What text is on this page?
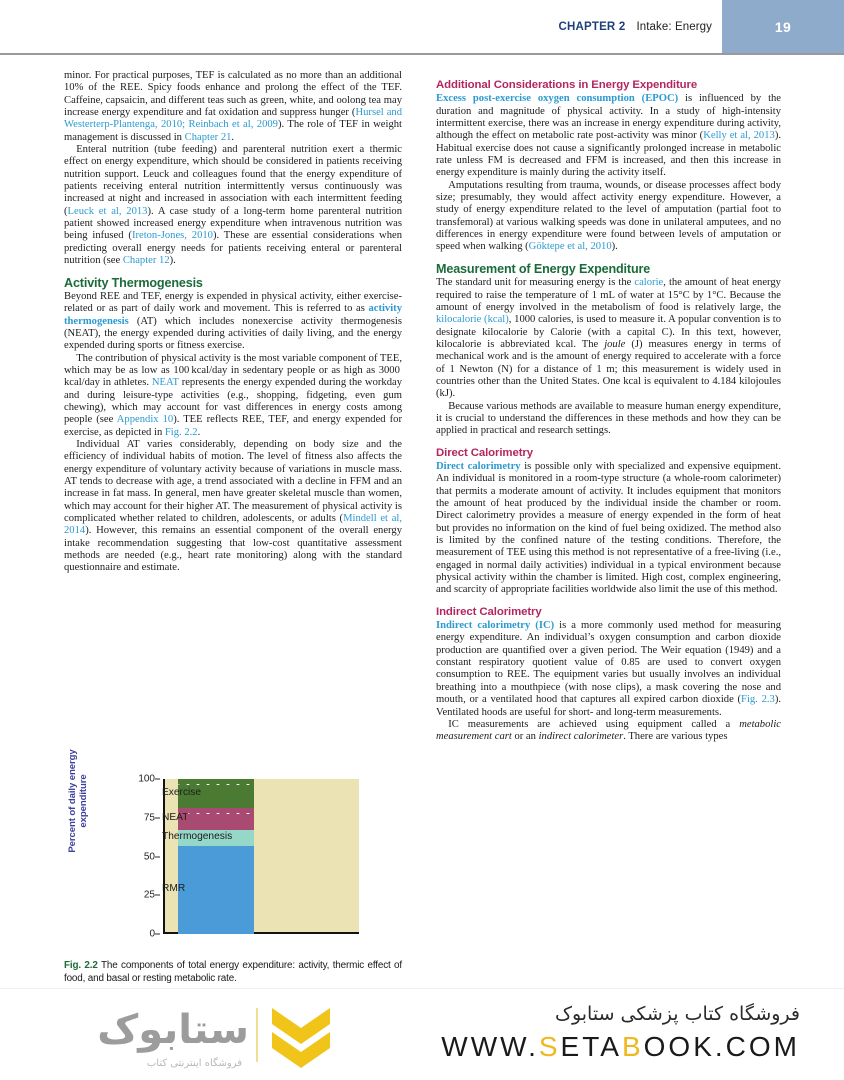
CHAPTER 2 Intake: Energy	19

minor. For practical purposes, TEF is calculated as no more than an additional 10% of the REE. Spicy foods enhance and prolong the effect of the TEF. Caffeine, capsaicin, and different teas such as green, white, and oolong tea may increase energy expenditure and fat oxidation and suppress hunger (Hursel and Westerterp-Plantenga, 2010; Reinbach et al, 2009). The role of TEF in weight management is discussed in Chapter 21.

Enteral nutrition (tube feeding) and parenteral nutrition exert a thermic effect on energy expenditure, which should be considered in patients receiving nutrition support. Leuck and colleagues found that the energy expenditure of patients receiving enteral nutrition intermittently versus continuously was increased at night and increased in association with each intermittent feeding (Leuck et al, 2013). A case study of a long-term home parenteral nutrition patient showed increased energy expenditure when intravenous nutrition was being infused (Ireton-Jones, 2010). These are essential considerations when predicting overall energy needs for patients receiving enteral or parenteral nutrition (see Chapter 12).

Activity Thermogenesis

Beyond REE and TEF, energy is expended in physical activity, either exercise-related or as part of daily work and movement. This is referred to as activity thermogenesis (AT) which includes nonexercise activity thermogenesis (NEAT), the energy expended during activities of daily living, and the energy expended during sports or fitness exercise.

The contribution of physical activity is the most variable component of TEE, which may be as low as 100 kcal/day in sedentary people or as high as 3000 kcal/day in athletes. NEAT represents the energy expended during the workday and during leisure-type activities (e.g., shopping, fidgeting, even gum chewing), which may account for vast differences in energy costs among people (see Appendix 10). TEE reflects REE, TEF, and energy expended for exercise, as depicted in Fig. 2.2.

Individual AT varies considerably, depending on body size and the efficiency of individual habits of motion. The level of fitness also affects the energy expenditure of voluntary activity because of variations in muscle mass. AT tends to decrease with age, a trend associated with a decline in FFM and an increase in fat mass. In general, men have greater skeletal muscle than women, which may account for their higher AT. The measurement of physical activity is complicated whether related to children, adolescents, or adults (Mindell et al, 2014). However, this remains an essential component of the overall energy intake recommendation suggesting that low-cost quantitative assessment methods are needed (e.g., heart rate monitoring) along with the standard questionnaire and estimate.

Additional Considerations in Energy Expenditure

Excess post-exercise oxygen consumption (EPOC) is influenced by the duration and magnitude of physical activity. In a study of high-intensity intermittent exercise, there was an increase in energy expenditure during activity, although the effect on metabolic rate post-activity was minor (Kelly et al, 2013). Habitual exercise does not cause a significantly prolonged increase in metabolic rate unless FM is decreased and FFM is increased, and then this increase in energy expenditure is mainly during the activity itself.

Amputations resulting from trauma, wounds, or disease processes affect body size; presumably, they would affect activity energy expenditure. However, a study of energy expenditure related to the level of amputation (partial foot to transfemoral) at various walking speeds was done in unilateral amputees, and no differences in energy expenditure were found between levels of amputation or speed when walking (Göktepe et al, 2010).

Measurement of Energy Expenditure

The standard unit for measuring energy is the calorie, the amount of heat energy required to raise the temperature of 1 mL of water at 15°C by 1°C. Because the amount of energy involved in the metabolism of food is relatively large, the kilocalorie (kcal), 1000 calories, is used to measure it. A popular convention is to designate kilocalorie by Calorie (with a capital C). In this text, however, kilocalorie is abbreviated kcal. The joule (J) measures energy in terms of mechanical work and is the amount of energy required to accelerate with a force of 1 Newton (N) for a distance of 1 m; this measurement is widely used in countries other than the United States. One kcal is equivalent to 4.184 kilojoules (kJ).

Because various methods are available to measure human energy expenditure, it is crucial to understand the differences in these methods and how they can be applied in practical and research settings.

Direct Calorimetry

Direct calorimetry is possible only with specialized and expensive equipment. An individual is monitored in a room-type structure (a whole-room calorimeter) that permits a moderate amount of activity. It includes equipment that monitors the amount of heat produced by the individual inside the chamber or room. Direct calorimetry provides a measure of energy expended in the form of heat but provides no information on the kind of fuel being oxidized. The method also is limited by the confined nature of the testing conditions. Therefore, the measurement of TEE using this method is not representative of a free-living (i.e., engaged in normal daily activities) individual in a typical environment because physical activity within the chamber is limited. High cost, complex engineering, and scarcity of appropriate facilities worldwide also limit the use of this method.

Indirect Calorimetry

Indirect calorimetry (IC) is a more commonly used method for measuring energy expenditure. An individual’s oxygen consumption and carbon dioxide production are quantified over a given period. The Weir equation (1949) and a constant respiratory quotient value of 0.85 are used to convert oxygen consumption to REE. The equipment varies but usually involves an individual breathing into a mouthpiece (with nose clips), a mask covering the nose and mouth, or a ventilated hood that captures all expired carbon dioxide (Fig. 2.3). Ventilated hoods are useful for short- and long-term measurements.

IC measurements are achieved using equipment called a metabolic measurement cart or an indirect calorimeter. There are various types

Percent of daily energy expenditure
0
25
50
75
100
RMR
Thermogenesis
NEAT
Exercise
Fig. 2.2 The components of total energy expenditure: activity, thermic effect of food, and basal or resting metabolic rate.
ستابوک
فروشگاه اینترنتی کتاب
فروشگاه کتاب پزشکی ستابوک
WWW.SETABOOK.COM
